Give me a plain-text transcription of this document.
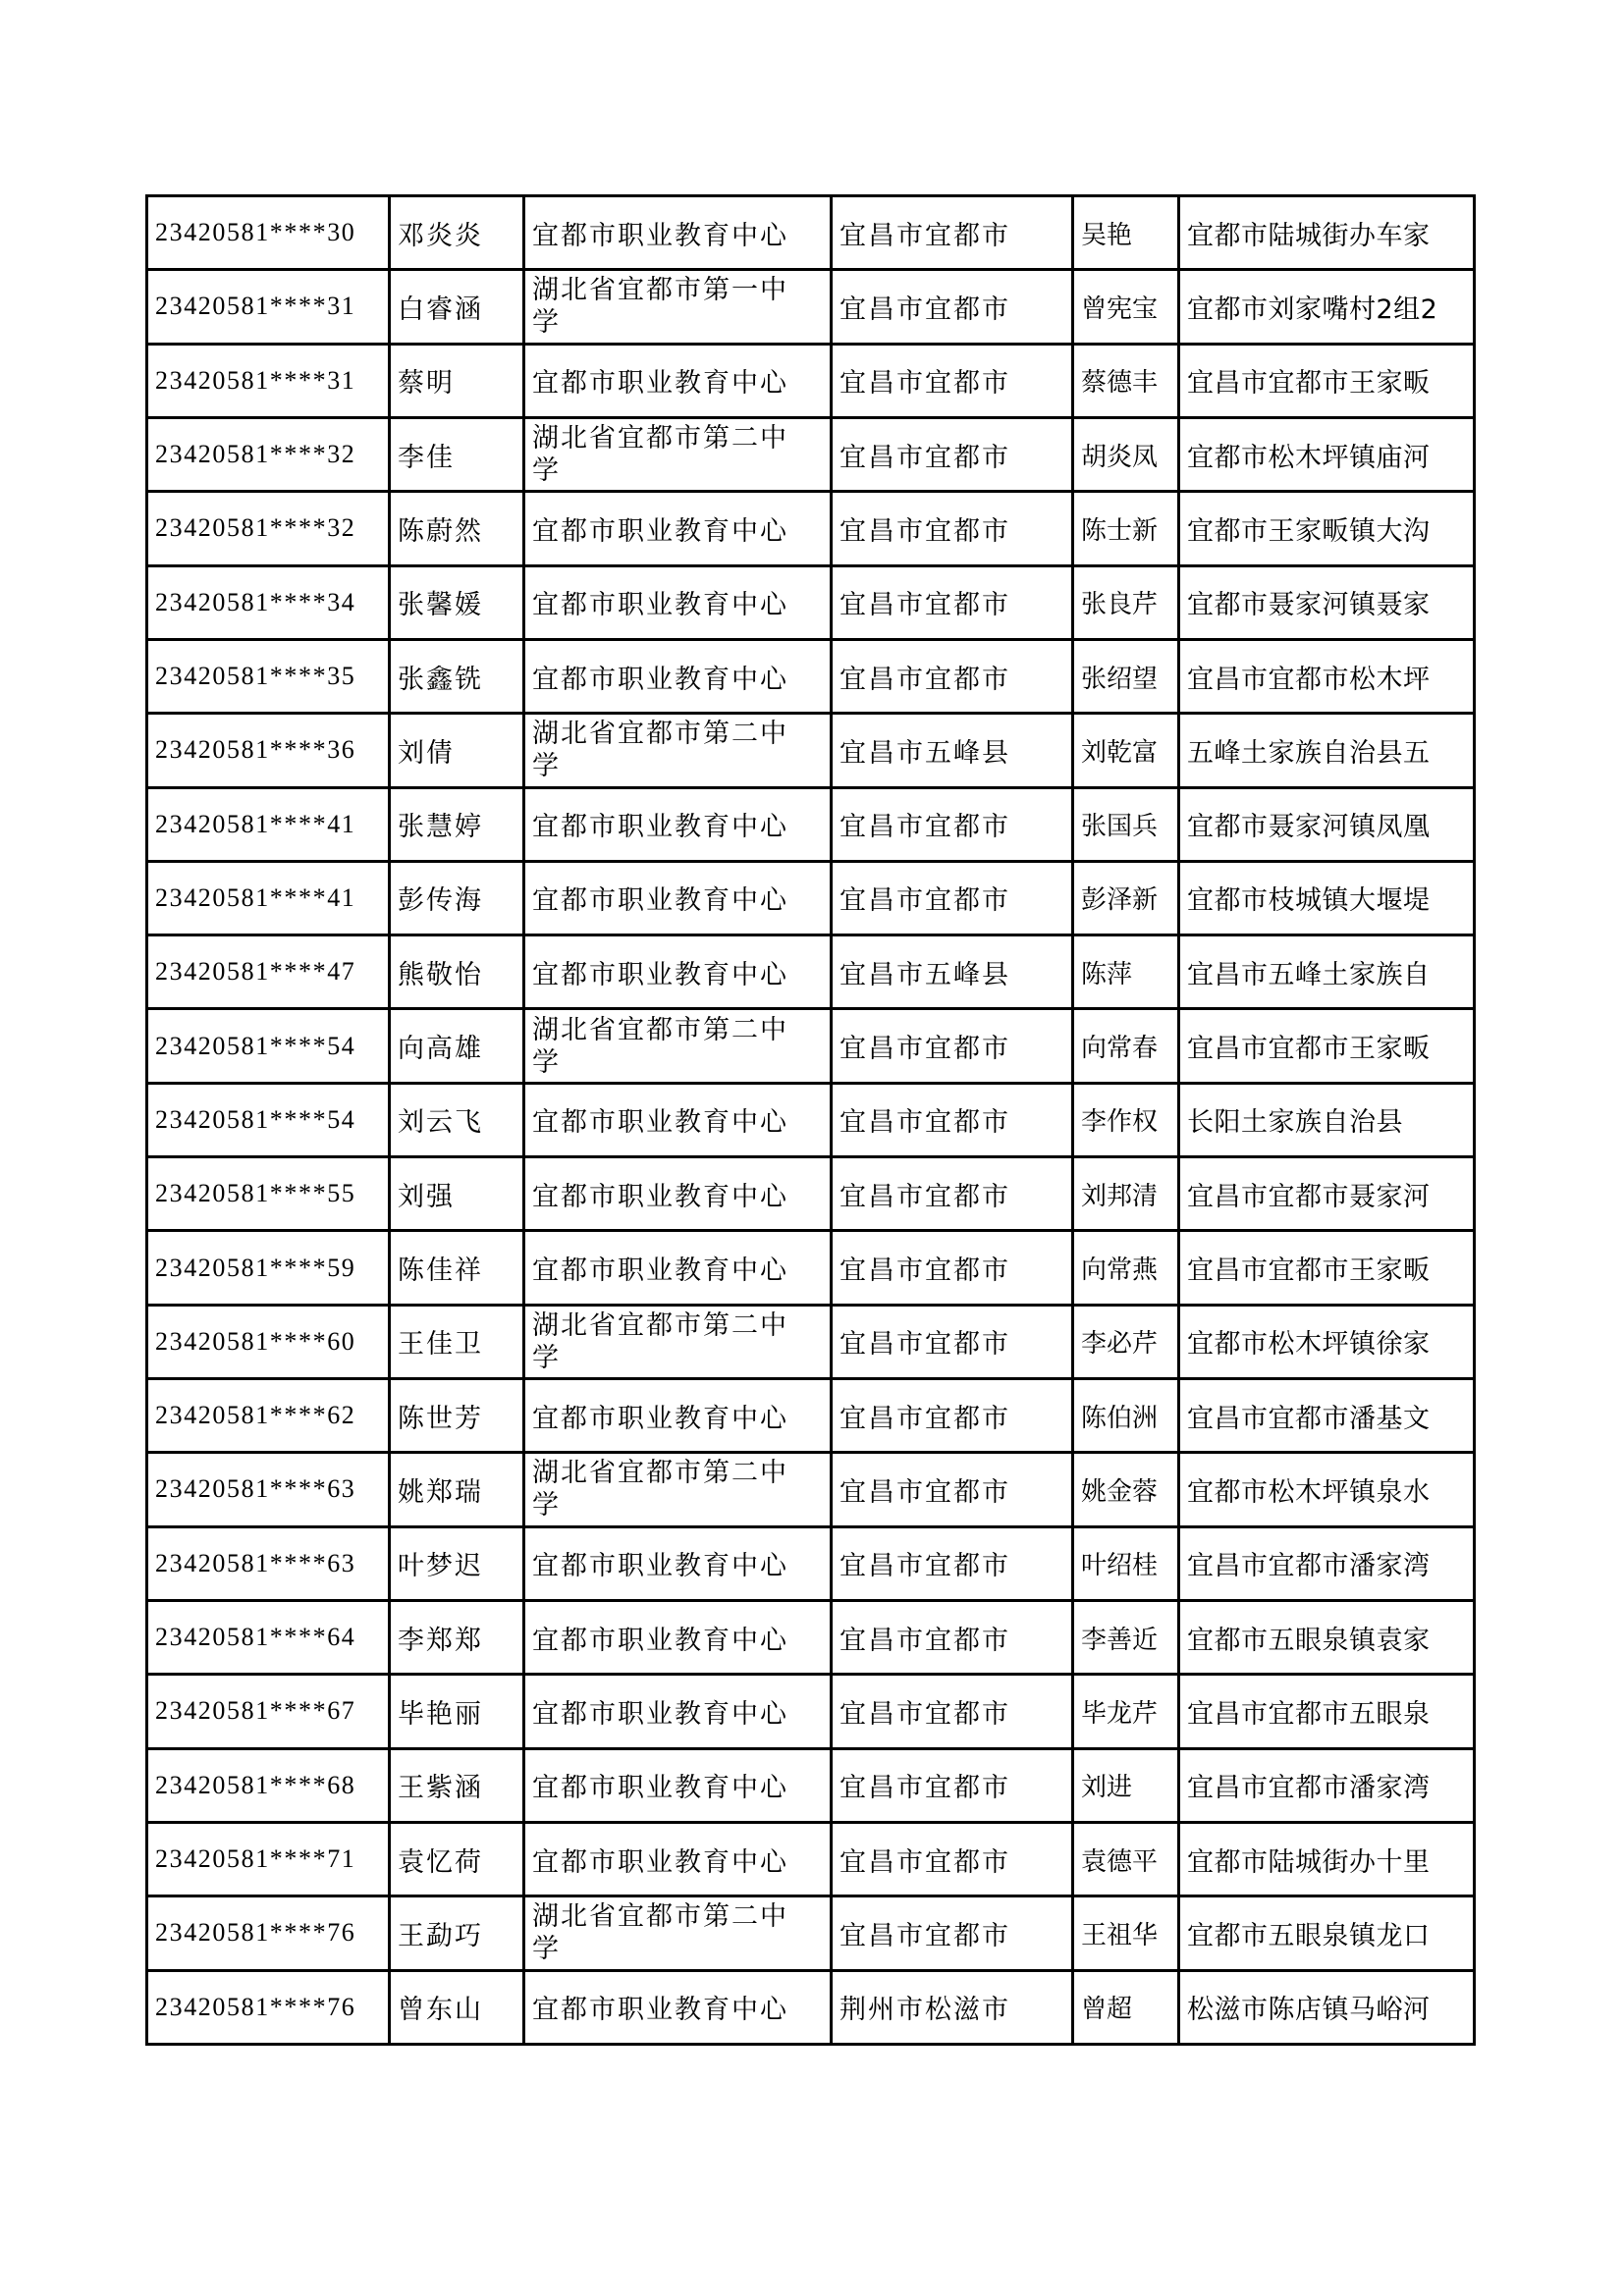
23420581****30	邓炎炎	宜都市职业教育中心	宜昌市宜都市	吴艳	宜都市陆城街办车家
23420581****31	白睿涵	湖北省宜都市第一中学	宜昌市宜都市	曾宪宝	宜都市刘家嘴村2组2
23420581****31	蔡明	宜都市职业教育中心	宜昌市宜都市	蔡德丰	宜昌市宜都市王家畈
23420581****32	李佳	湖北省宜都市第二中学	宜昌市宜都市	胡炎凤	宜都市松木坪镇庙河
23420581****32	陈蔚然	宜都市职业教育中心	宜昌市宜都市	陈士新	宜都市王家畈镇大沟
23420581****34	张馨媛	宜都市职业教育中心	宜昌市宜都市	张良芹	宜都市聂家河镇聂家
23420581****35	张鑫铣	宜都市职业教育中心	宜昌市宜都市	张绍望	宜昌市宜都市松木坪
23420581****36	刘倩	湖北省宜都市第二中学	宜昌市五峰县	刘乾富	五峰土家族自治县五
23420581****41	张慧婷	宜都市职业教育中心	宜昌市宜都市	张国兵	宜都市聂家河镇凤凰
23420581****41	彭传海	宜都市职业教育中心	宜昌市宜都市	彭泽新	宜都市枝城镇大堰堤
23420581****47	熊敬怡	宜都市职业教育中心	宜昌市五峰县	陈萍	宜昌市五峰土家族自
23420581****54	向高雄	湖北省宜都市第二中学	宜昌市宜都市	向常春	宜昌市宜都市王家畈
23420581****54	刘云飞	宜都市职业教育中心	宜昌市宜都市	李作权	长阳土家族自治县
23420581****55	刘强	宜都市职业教育中心	宜昌市宜都市	刘邦清	宜昌市宜都市聂家河
23420581****59	陈佳祥	宜都市职业教育中心	宜昌市宜都市	向常燕	宜昌市宜都市王家畈
23420581****60	王佳卫	湖北省宜都市第二中学	宜昌市宜都市	李必芹	宜都市松木坪镇徐家
23420581****62	陈世芳	宜都市职业教育中心	宜昌市宜都市	陈伯洲	宜昌市宜都市潘基文
23420581****63	姚郑瑞	湖北省宜都市第二中学	宜昌市宜都市	姚金蓉	宜都市松木坪镇泉水
23420581****63	叶梦迟	宜都市职业教育中心	宜昌市宜都市	叶绍桂	宜昌市宜都市潘家湾
23420581****64	李郑郑	宜都市职业教育中心	宜昌市宜都市	李善近	宜都市五眼泉镇袁家
23420581****67	毕艳丽	宜都市职业教育中心	宜昌市宜都市	毕龙芹	宜昌市宜都市五眼泉
23420581****68	王紫涵	宜都市职业教育中心	宜昌市宜都市	刘进	宜昌市宜都市潘家湾
23420581****71	袁忆荷	宜都市职业教育中心	宜昌市宜都市	袁德平	宜都市陆城街办十里
23420581****76	王勐巧	湖北省宜都市第二中学	宜昌市宜都市	王祖华	宜都市五眼泉镇龙口
23420581****76	曾东山	宜都市职业教育中心	荆州市松滋市	曾超	松滋市陈店镇马峪河
